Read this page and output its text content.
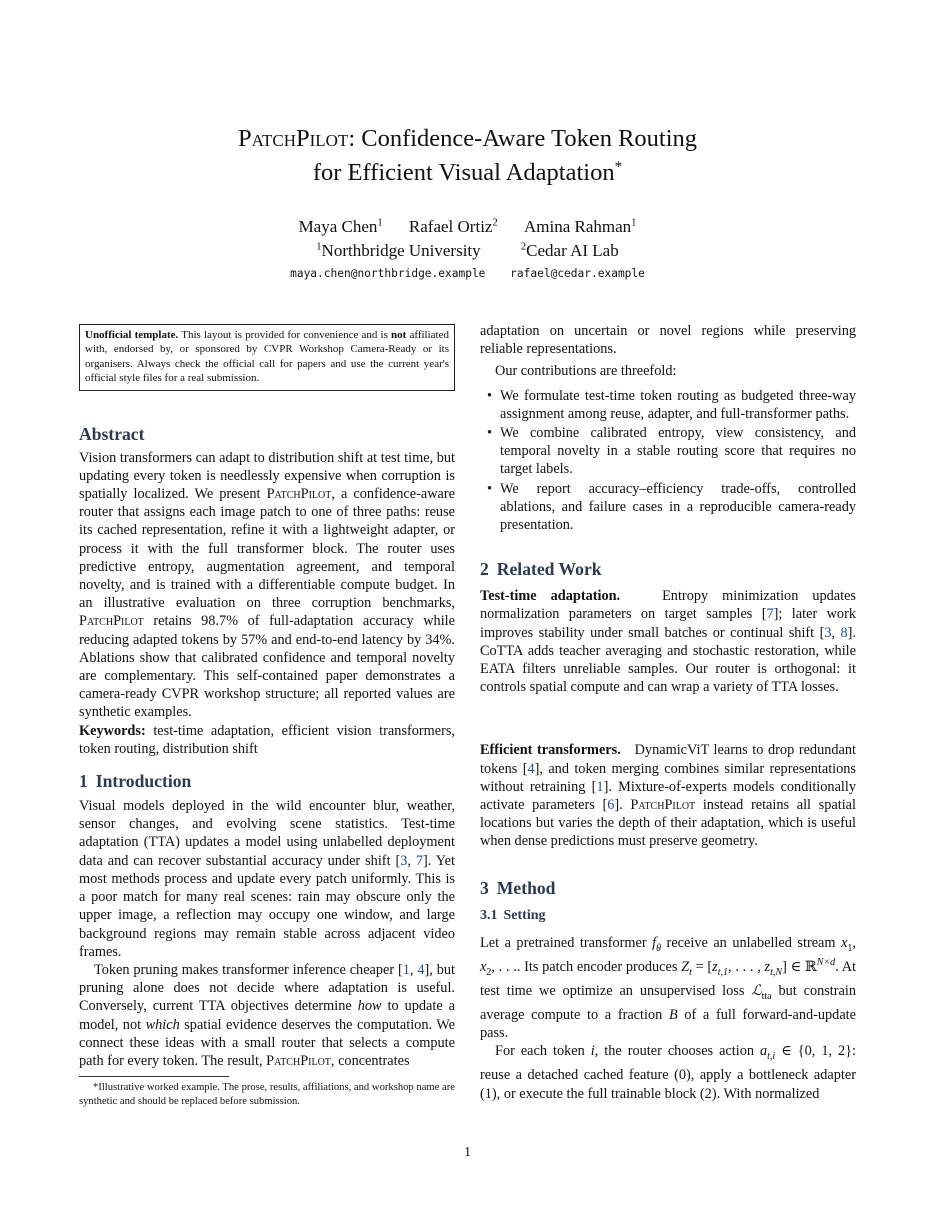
PatchPilot: Confidence-Aware Token Routing
for Efficient Visual Adaptation*
Maya Chen$^1$ Rafael Ortiz$^2$ Amina Rahman$^1$
$^1$Northbridge University	$^2$Cedar AI Lab
maya.chen@northbridge.example rafael@cedar.example
Unofficial template. This layout is provided for convenience and is not affiliated with, endorsed by, or sponsored by CVPR Workshop Camera-Ready or its organisers. Always check the official call for papers and use the current year's official style files for a real submission.
Abstract

Vision transformers can adapt to distribution shift at test time, but updating every token is needlessly expensive when corruption is spatially localized. We present PatchPilot, a confidence-aware router that assigns each image patch to one of three paths: reuse its cached representation, refine it with a lightweight adapter, or process it with the full transformer block. The router uses predictive entropy, augmentation agreement, and temporal novelty, and is trained with a differentiable compute budget. In an illustrative evaluation on three corruption benchmarks, PatchPilot retains 98.7% of full-adaptation accuracy while reducing adapted tokens by 57% and end-to-end latency by 34%. Ablations show that calibrated confidence and temporal novelty are complementary. This self-contained paper demonstrates a camera-ready CVPR workshop structure; all reported values are synthetic examples.

Keywords: test-time adaptation, efficient vision transformers, token routing, distribution shift

1 Introduction

Visual models deployed in the wild encounter blur, weather, sensor changes, and evolving scene statistics. Test-time adaptation (TTA) updates a model using unlabelled deployment data and can recover substantial accuracy under shift [3, 7]. Yet most methods process and update every patch uniformly. This is a poor match for many real scenes: rain may obscure only the upper image, a reflection may occupy one window, and large background regions may remain stable across adjacent video frames.

Token pruning makes transformer inference cheaper [1, 4], but pruning alone does not decide where adaptation is useful. Conversely, current TTA objectives determine how to update a model, not which spatial evidence deserves the computation. We connect these ideas with a small router that selects a compute path for every token. The result, PatchPilot, concentrates

*Illustrative worked example. The prose, results, affiliations, and workshop name are synthetic and should be replaced before submission.

adaptation on uncertain or novel regions while preserving reliable representations.

Our contributions are threefold:

• We formulate test-time token routing as budgeted three-way assignment among reuse, adapter, and full-transformer paths.
• We combine calibrated entropy, view consistency, and temporal novelty in a stable routing score that requires no target labels.
• We report accuracy–efficiency trade-offs, controlled ablations, and failure cases in a reproducible camera-ready presentation.
2 Related Work

Test-time adaptation.   Entropy minimization updates normalization parameters on target samples [7]; later work improves stability under small batches or continual shift [3, 8]. CoTTA adds teacher averaging and stochastic restoration, while EATA filters unreliable samples. Our router is orthogonal: it controls spatial compute and can wrap a variety of TTA losses.

Efficient transformers.   DynamicViT learns to drop redundant tokens [4], and token merging combines similar representations without retraining [1]. Mixture-of-experts models conditionally activate parameters [6]. PatchPilot instead retains all spatial locations but varies the depth of their adaptation, which is useful when dense predictions must preserve geometry.

3 Method
3.1 Setting

Let a pretrained transformer $f_\theta$ receive an unlabelled stream $x_1$, $x_2$, . . .. Its patch encoder produces $Z_t = [z_{t,1}$, . . . , $z_{t,N}$] ∈ ℝ$^{N\times d}$. At test time we optimize an unsupervised loss ℒ$_{tta}$ but constrain average compute to a fraction B of a full forward-and-update pass.

For each token i, the router chooses action $a_{t,i}$ ∈ {0, 1, 2}: reuse a detached cached feature (0), apply a bottleneck adapter (1), or execute the full trainable block (2). With normalized

1
